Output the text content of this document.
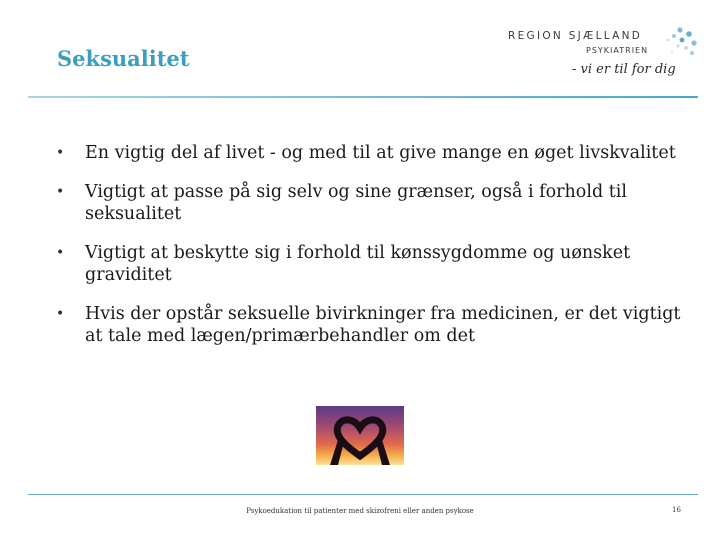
Seksualitet
REGION SJÆLLAND
PSYKIATRIEN
- vi er til for dig
• En vigtig del af livet - og med til at give mange en øget livskvalitet
• Vigtigt at passe på sig selv og sine grænser, også i forhold til seksualitet
• Vigtigt at beskytte sig i forhold til kønssygdomme og uønsket graviditet
• Hvis der opstår seksuelle bivirkninger fra medicinen, er det vigtigt at tale med lægen/primærbehandler om det
Psykoedukation til patienter med skizofreni eller anden psykose	16
